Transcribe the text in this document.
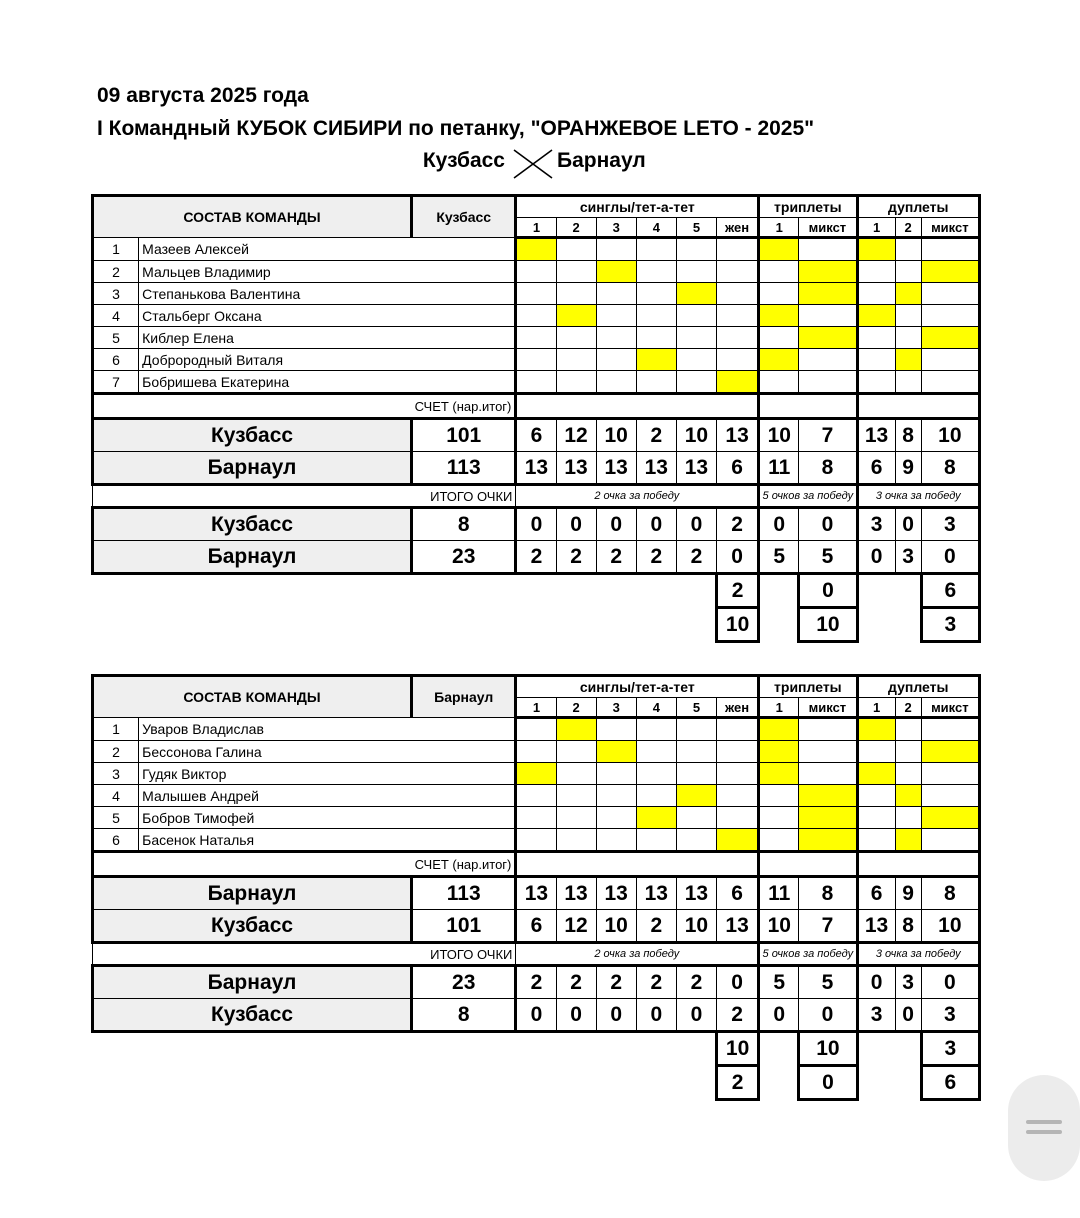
09 августа 2025 года
I Командный КУБОК СИБИРИ по петанку, "ОРАНЖЕВОЕ LETO - 2025"
Кузбасс Барнаул
СОСТАВ КОМАНДЫ		Кузбасс	синглы/тет-а-тет						триплеты		дуплеты		
			1	2	3	4	5	жен	1	микст	1	2	микст
1	Мазеев Алексей												
2	Мальцев Владимир												
3	Степанькова Валентина												
4	Стальберг Оксана												
5	Киблер Елена												
6	Доброродный Виталя												
7	Бобришева Екатерина												
СЧЕТ (нар.итог)													
Кузбасс		101	6	12	10	2	10	13	10	7	13	8	10
Барнаул		113	13	13	13	13	13	6	11	8	6	9	8
ИТОГО ОЧКИ			2 очка за победу						5 очков за победу		3 очка за победу		
Кузбасс		8	0	0	0	0	0	2	0	0	3	0	3
Барнаул		23	2	2	2	2	2	0	5	5	0	3	0
								2		0			6
								10		10			3
СОСТАВ КОМАНДЫ		Барнаул	синглы/тет-а-тет						триплеты		дуплеты		
			1	2	3	4	5	жен	1	микст	1	2	микст
1	Уваров Владислав												
2	Бессонова Галина												
3	Гудяк Виктор												
4	Малышев Андрей												
5	Бобров Тимофей												
6	Басенок Наталья												
СЧЕТ (нар.итог)													
Барнаул		113	13	13	13	13	13	6	11	8	6	9	8
Кузбасс		101	6	12	10	2	10	13	10	7	13	8	10
ИТОГО ОЧКИ			2 очка за победу						5 очков за победу		3 очка за победу		
Барнаул		23	2	2	2	2	2	0	5	5	0	3	0
Кузбасс		8	0	0	0	0	0	2	0	0	3	0	3
								10		10			3
								2		0			6
